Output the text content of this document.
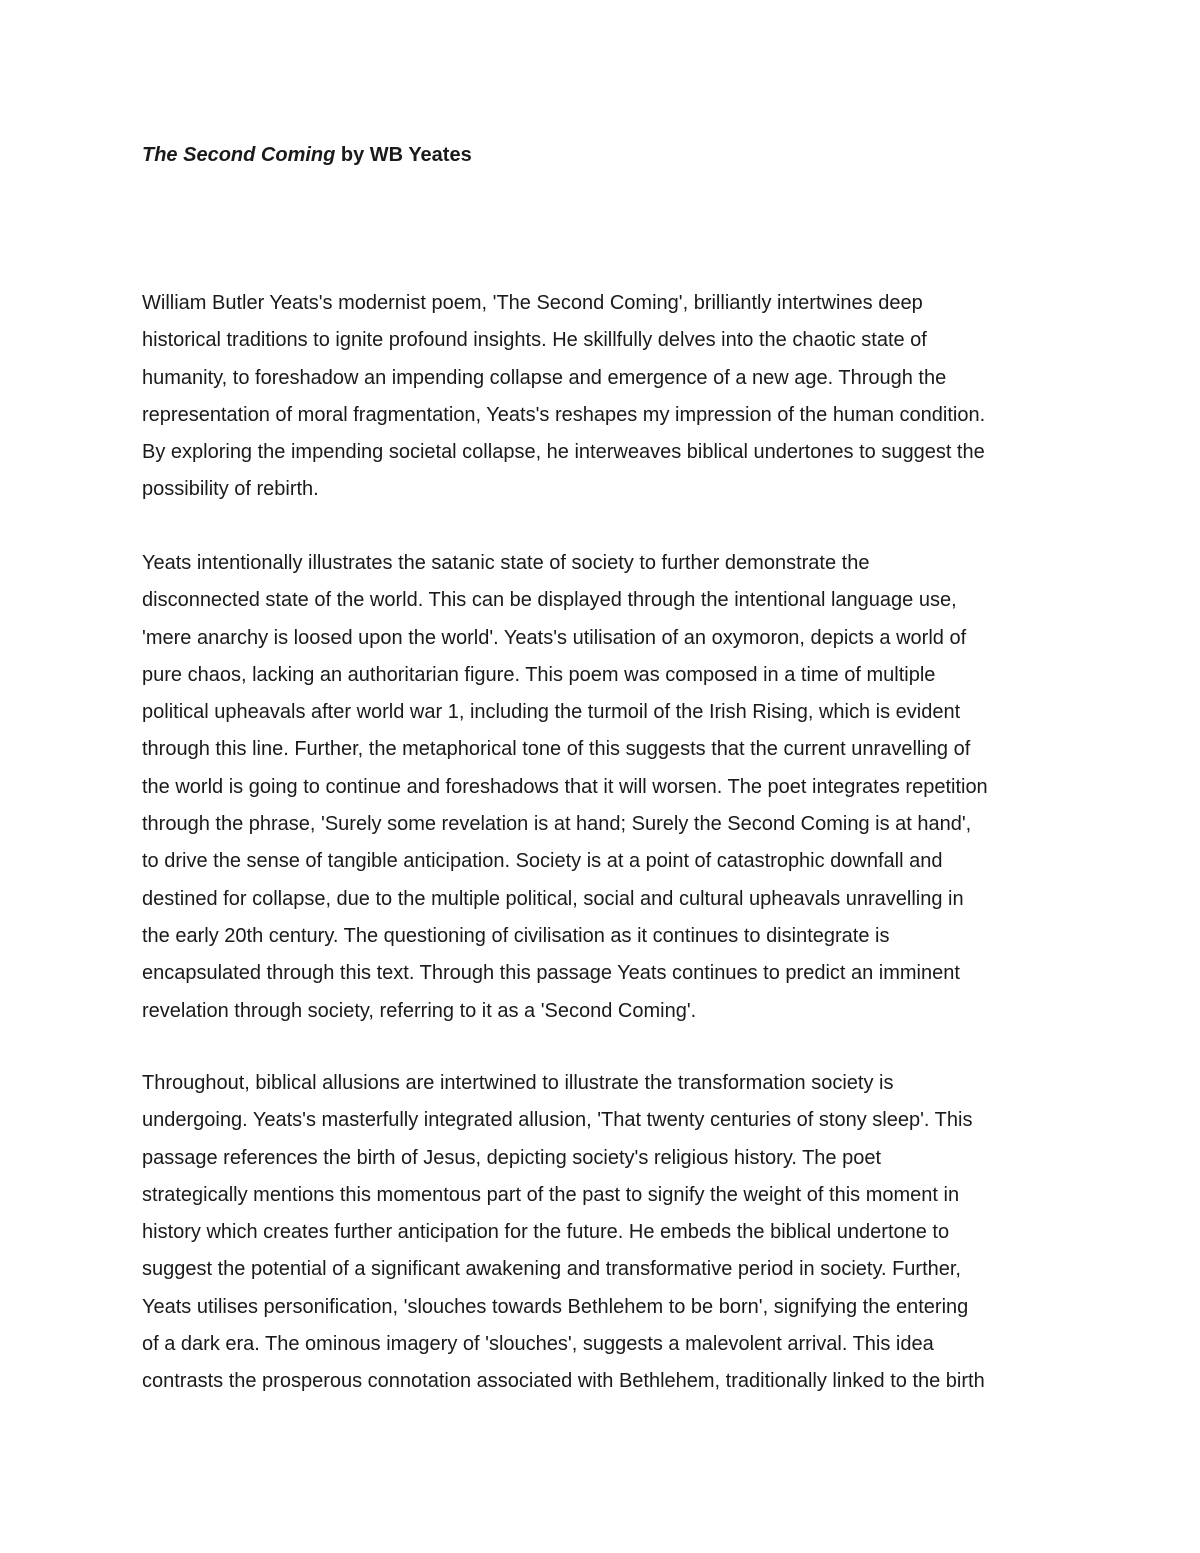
The Second Coming by WB Yeates
William Butler Yeats's modernist poem, 'The Second Coming', brilliantly intertwines deep
historical traditions to ignite profound insights. He skillfully delves into the chaotic state of
humanity, to foreshadow an impending collapse and emergence of a new age. Through the
representation of moral fragmentation, Yeats's reshapes my impression of the human condition.
By exploring the impending societal collapse, he interweaves biblical undertones to suggest the
possibility of rebirth.
Yeats intentionally illustrates the satanic state of society to further demonstrate the
disconnected state of the world. This can be displayed through the intentional language use,
'mere anarchy is loosed upon the world'. Yeats's utilisation of an oxymoron, depicts a world of
pure chaos, lacking an authoritarian figure. This poem was composed in a time of multiple
political upheavals after world war 1, including the turmoil of the Irish Rising, which is evident
through this line. Further, the metaphorical tone of this suggests that the current unravelling of
the world is going to continue and foreshadows that it will worsen. The poet integrates repetition
through the phrase, 'Surely some revelation is at hand; Surely the Second Coming is at hand',
to drive the sense of tangible anticipation. Society is at a point of catastrophic downfall and
destined for collapse, due to the multiple political, social and cultural upheavals unravelling in
the early 20th century. The questioning of civilisation as it continues to disintegrate is
encapsulated through this text. Through this passage Yeats continues to predict an imminent
revelation through society, referring to it as a 'Second Coming'.
Throughout, biblical allusions are intertwined to illustrate the transformation society is
undergoing. Yeats's masterfully integrated allusion, 'That twenty centuries of stony sleep'. This
passage references the birth of Jesus, depicting society's religious history. The poet
strategically mentions this momentous part of the past to signify the weight of this moment in
history which creates further anticipation for the future. He embeds the biblical undertone to
suggest the potential of a significant awakening and transformative period in society. Further,
Yeats utilises personification, 'slouches towards Bethlehem to be born', signifying the entering
of a dark era. The ominous imagery of 'slouches', suggests a malevolent arrival. This idea
contrasts the prosperous connotation associated with Bethlehem, traditionally linked to the birth
